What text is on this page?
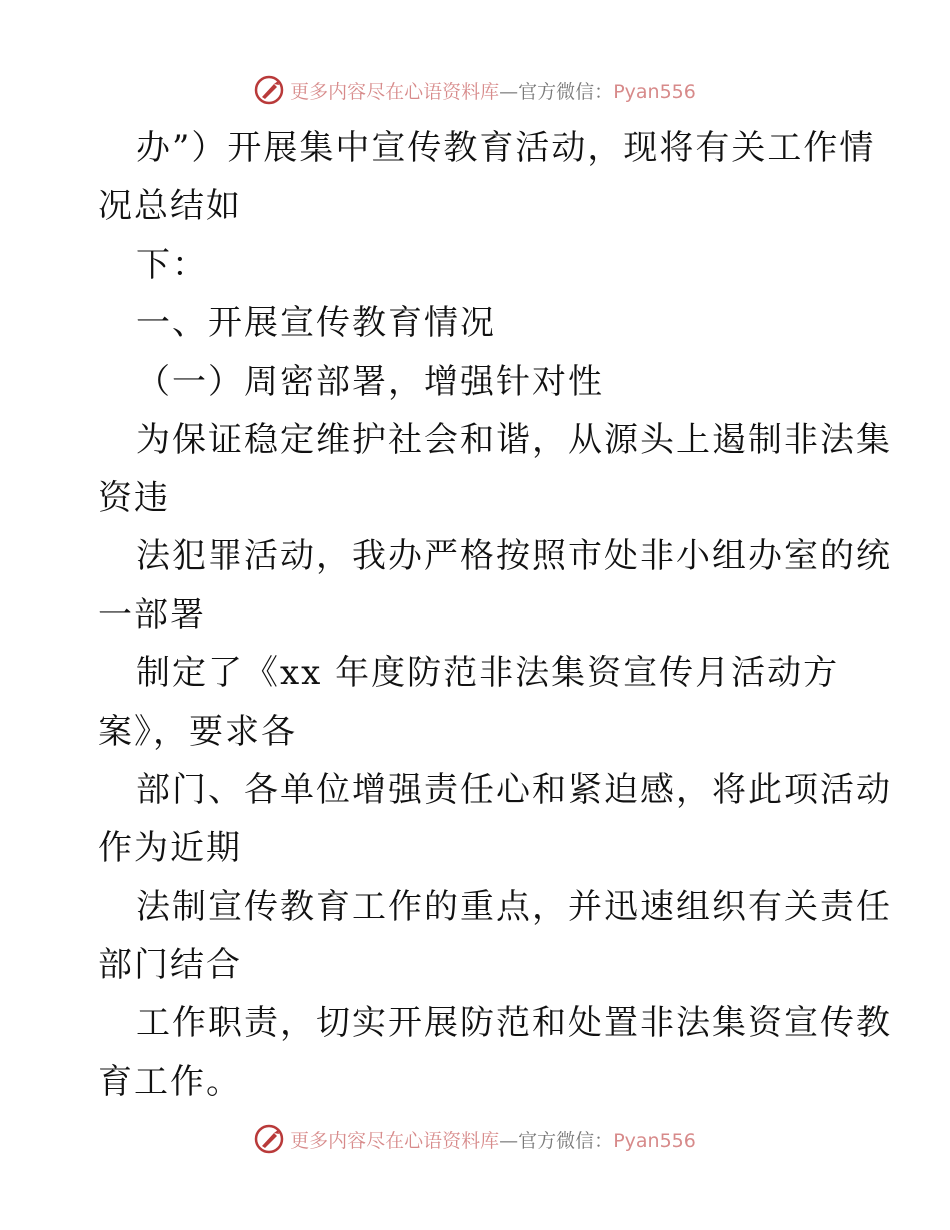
更多内容尽在心语资料库—官方微信：Pyan556
办”）开展集中宣传教育活动，现将有关工作情
况总结如
下：
一、开展宣传教育情况
（一）周密部署，增强针对性
为保证稳定维护社会和谐，从源头上遏制非法集
资违
法犯罪活动，我办严格按照市处非小组办室的统
一部署
制定了《xx 年度防范非法集资宣传月活动方
案》，要求各
部门、各单位增强责任心和紧迫感，将此项活动
作为近期
法制宣传教育工作的重点，并迅速组织有关责任
部门结合
工作职责，切实开展防范和处置非法集资宣传教
育工作。
更多内容尽在心语资料库—官方微信：Pyan556
